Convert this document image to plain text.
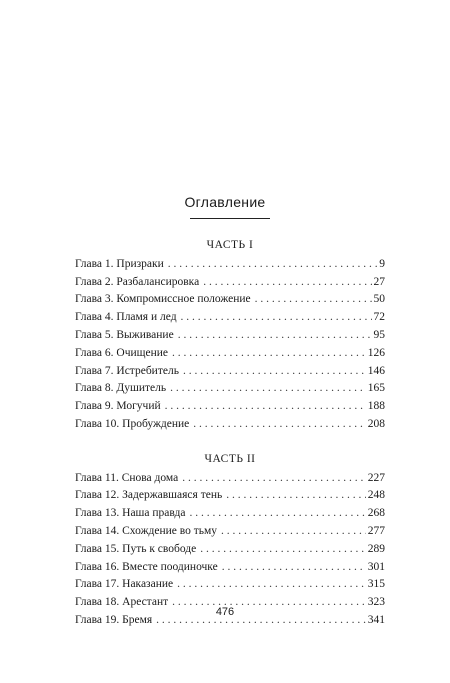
Оглавление
ЧАСТЬ I
Глава 1. Призраки . . .	9
Глава 2. Разбалансировка . . .	27
Глава 3. Компромиссное положение . . .	50
Глава 4. Пламя и лед . . .	72
Глава 5. Выживание . . .	95
Глава 6. Очищение . . .	126
Глава 7. Истребитель . . .	146
Глава 8. Душитель . . .	165
Глава 9. Могучий . . .	188
Глава 10. Пробуждение . . .	208
ЧАСТЬ II
Глава 11. Снова дома . . .	227
Глава 12. Задержавшаяся тень . . .	248
Глава 13. Наша правда . . .	268
Глава 14. Схождение во тьму . . .	277
Глава 15. Путь к свободе . . .	289
Глава 16. Вместе поодиночке . . .	301
Глава 17. Наказание . . .	315
Глава 18. Арестант . . .	323
Глава 19. Бремя . . .	341
476
